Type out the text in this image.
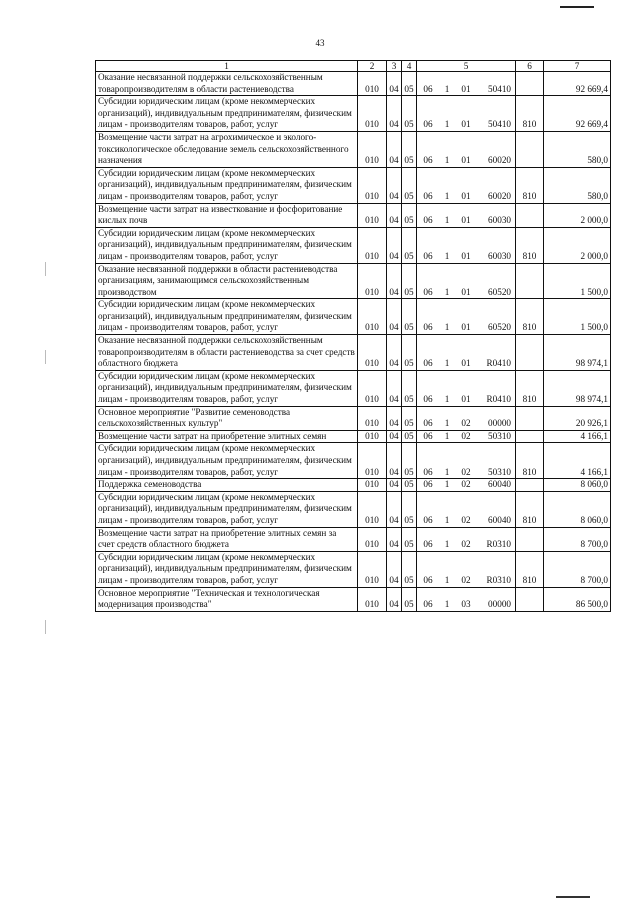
43
1	2	3	4	5	6	7
Оказание несвязанной поддержки сельскохозяйственным товаропроизводителям в области растениеводства	010	04	05	06 1 01 50410		92 669,4
Субсидии юридическим лицам (кроме некоммерческих организаций), индивидуальным предпринимателям, физическим лицам - производителям товаров, работ, услуг	010	04	05	06 1 01 50410	810	92 669,4
Возмещение части затрат на агрохимическое и эколого- токсикологическое обследование земель сельскохозяйственного назначения	010	04	05	06 1 01 60020		580,0
Субсидии юридическим лицам (кроме некоммерческих организаций), индивидуальным предпринимателям, физическим лицам - производителям товаров, работ, услуг	010	04	05	06 1 01 60020	810	580,0
Возмещение части затрат на известкование и фосфоритование кислых почв	010	04	05	06 1 01 60030		2 000,0
Субсидии юридическим лицам (кроме некоммерческих организаций), индивидуальным предпринимателям, физическим лицам - производителям товаров, работ, услуг	010	04	05	06 1 01 60030	810	2 000,0
Оказание несвязанной поддержки в области растениеводства организациям, занимающимся сельскохозяйственным производством	010	04	05	06 1 01 60520		1 500,0
Субсидии юридическим лицам (кроме некоммерческих организаций), индивидуальным предпринимателям, физическим лицам - производителям товаров, работ, услуг	010	04	05	06 1 01 60520	810	1 500,0
Оказание несвязанной поддержки сельскохозяйственным товаропроизводителям в области растениеводства за счет средств областного бюджета	010	04	05	06 1 01 R0410		98 974,1
Субсидии юридическим лицам (кроме некоммерческих организаций), индивидуальным предпринимателям, физическим лицам - производителям товаров, работ, услуг	010	04	05	06 1 01 R0410	810	98 974,1
Основное мероприятие "Развитие семеноводства сельскохозяйственных культур"	010	04	05	06 1 02 00000		20 926,1
Возмещение части затрат на приобретение элитных семян	010	04	05	06 1 02 50310		4 166,1
Субсидии юридическим лицам (кроме некоммерческих организаций), индивидуальным предпринимателям, физическим лицам - производителям товаров, работ, услуг	010	04	05	06 1 02 50310	810	4 166,1
Поддержка семеноводства	010	04	05	06 1 02 60040		8 060,0
Субсидии юридическим лицам (кроме некоммерческих организаций), индивидуальным предпринимателям, физическим лицам - производителям товаров, работ, услуг	010	04	05	06 1 02 60040	810	8 060,0
Возмещение части затрат на приобретение элитных семян за счет средств областного бюджета	010	04	05	06 1 02 R0310		8 700,0
Субсидии юридическим лицам (кроме некоммерческих организаций), индивидуальным предпринимателям, физическим лицам - производителям товаров, работ, услуг	010	04	05	06 1 02 R0310	810	8 700,0
Основное мероприятие "Техническая и технологическая модернизация производства"	010	04	05	06 1 03 00000		86 500,0
